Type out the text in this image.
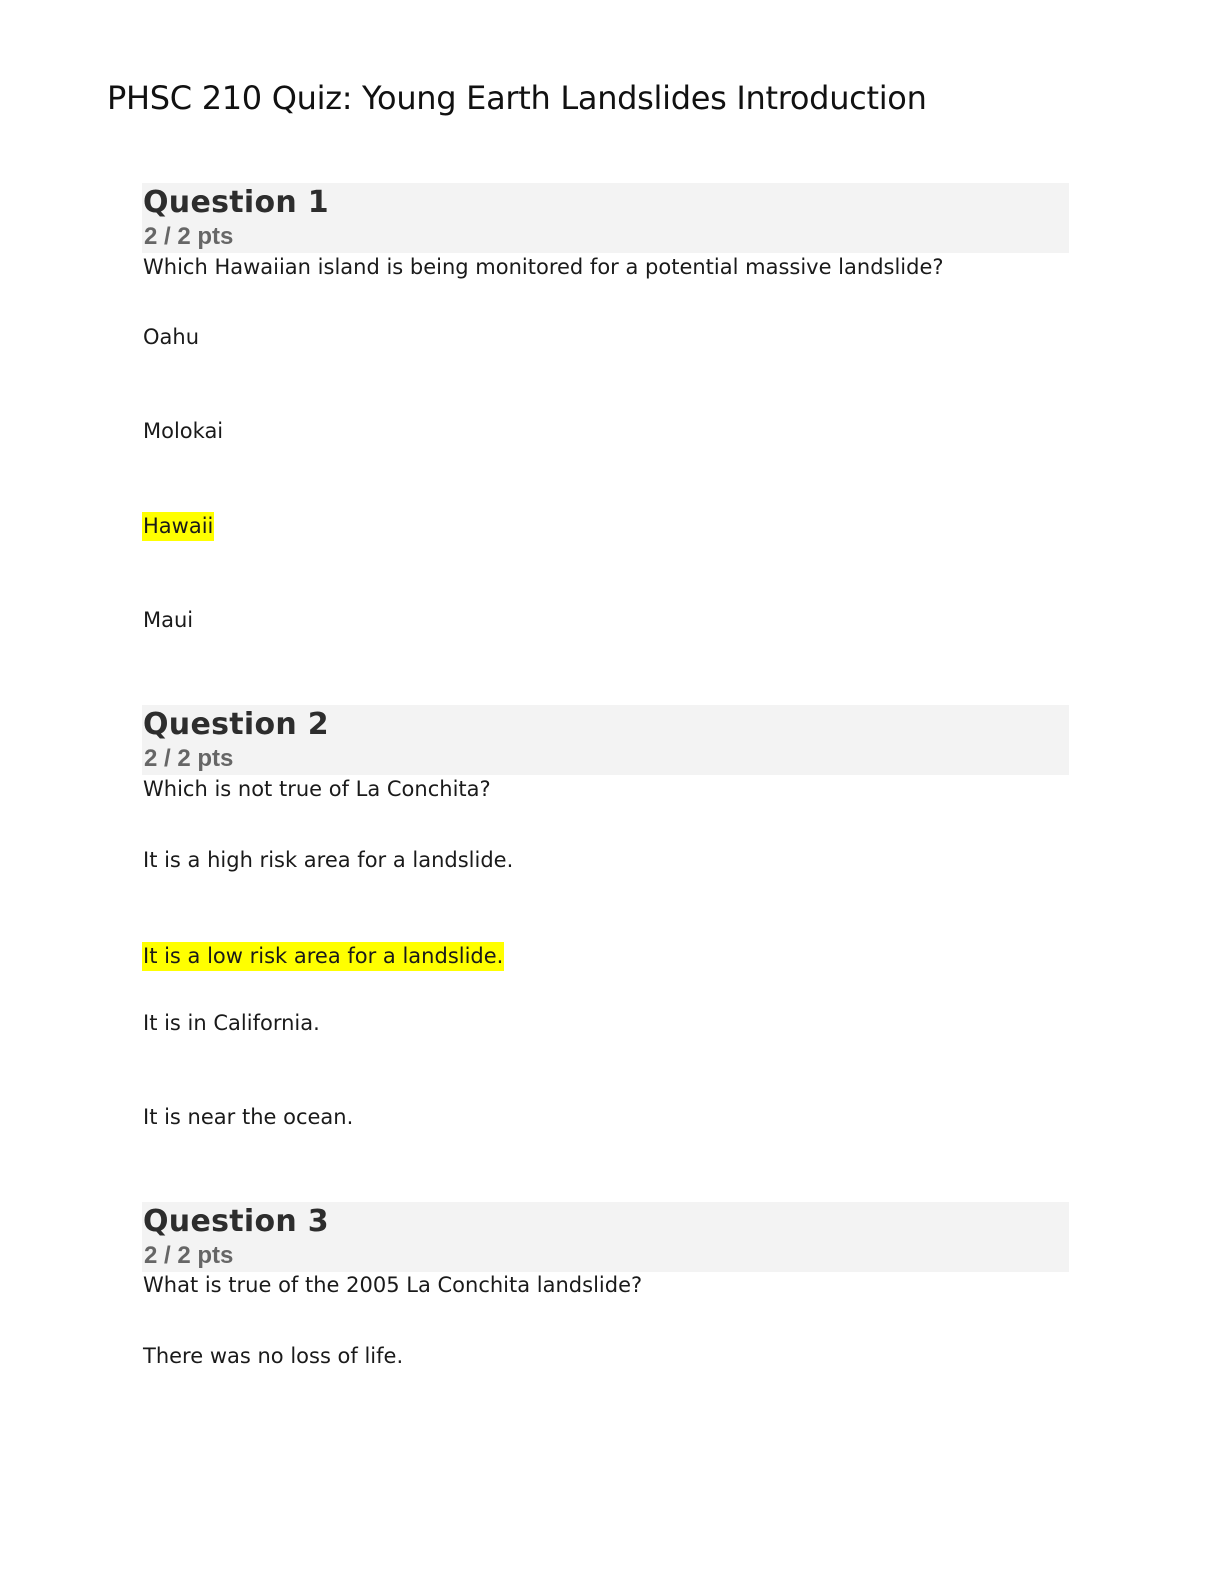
PHSC 210 Quiz: Young Earth Landslides Introduction
Question 1
2 / 2 pts
Which Hawaiian island is being monitored for a potential massive landslide?
Oahu
Molokai
Hawaii
Maui
Question 2
2 / 2 pts
Which is not true of La Conchita?
It is a high risk area for a landslide.
It is a low risk area for a landslide.
It is in California.
It is near the ocean.
Question 3
2 / 2 pts
What is true of the 2005 La Conchita landslide?
There was no loss of life.
